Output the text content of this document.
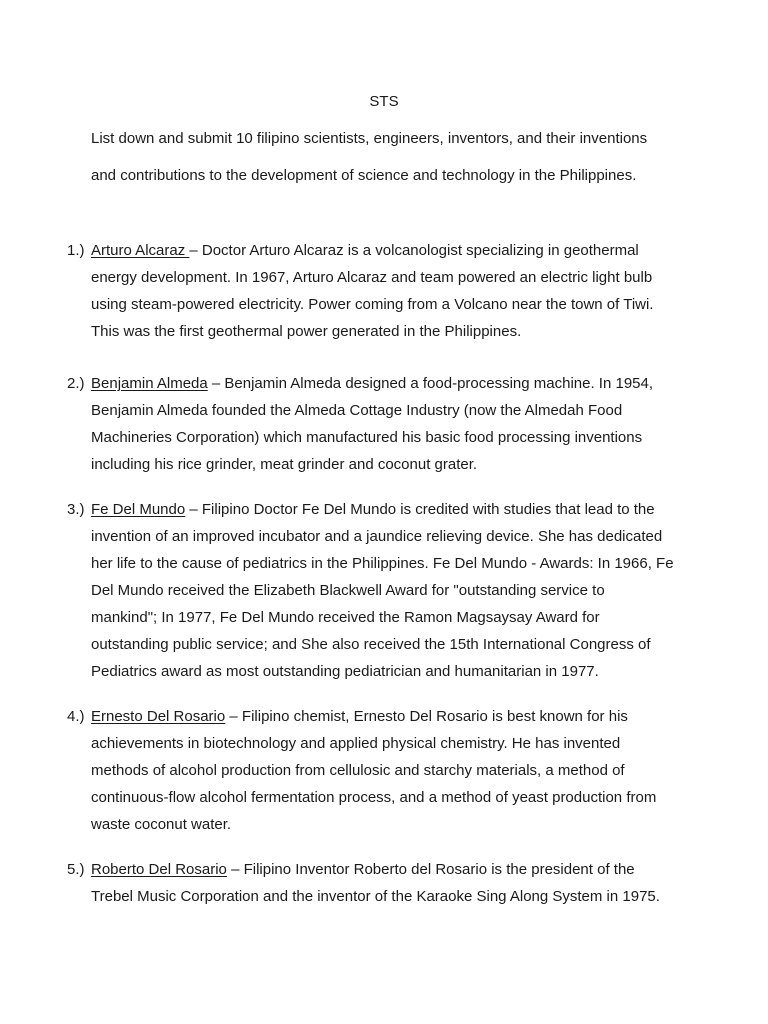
STS
List down and submit 10 filipino scientists, engineers, inventors, and their inventions
and contributions to the development of science and technology in the Philippines.
1.) Arturo Alcaraz – Doctor Arturo Alcaraz is a volcanologist specializing in geothermal
energy development. In 1967, Arturo Alcaraz and team powered an electric light bulb
using steam-powered electricity. Power coming from a Volcano near the town of Tiwi.
This was the first geothermal power generated in the Philippines.
2.) Benjamin Almeda – Benjamin Almeda designed a food-processing machine. In 1954,
Benjamin Almeda founded the Almeda Cottage Industry (now the Almedah Food
Machineries Corporation) which manufactured his basic food processing inventions
including his rice grinder, meat grinder and coconut grater.
3.) Fe Del Mundo – Filipino Doctor Fe Del Mundo is credited with studies that lead to the
invention of an improved incubator and a jaundice relieving device. She has dedicated
her life to the cause of pediatrics in the Philippines. Fe Del Mundo - Awards: In 1966, Fe
Del Mundo received the Elizabeth Blackwell Award for "outstanding service to
mankind"; In 1977, Fe Del Mundo received the Ramon Magsaysay Award for
outstanding public service; and She also received the 15th International Congress of
Pediatrics award as most outstanding pediatrician and humanitarian in 1977.
4.) Ernesto Del Rosario – Filipino chemist, Ernesto Del Rosario is best known for his
achievements in biotechnology and applied physical chemistry. He has invented
methods of alcohol production from cellulosic and starchy materials, a method of
continuous-flow alcohol fermentation process, and a method of yeast production from
waste coconut water.
5.) Roberto Del Rosario – Filipino Inventor Roberto del Rosario is the president of the
Trebel Music Corporation and the inventor of the Karaoke Sing Along System in 1975.
